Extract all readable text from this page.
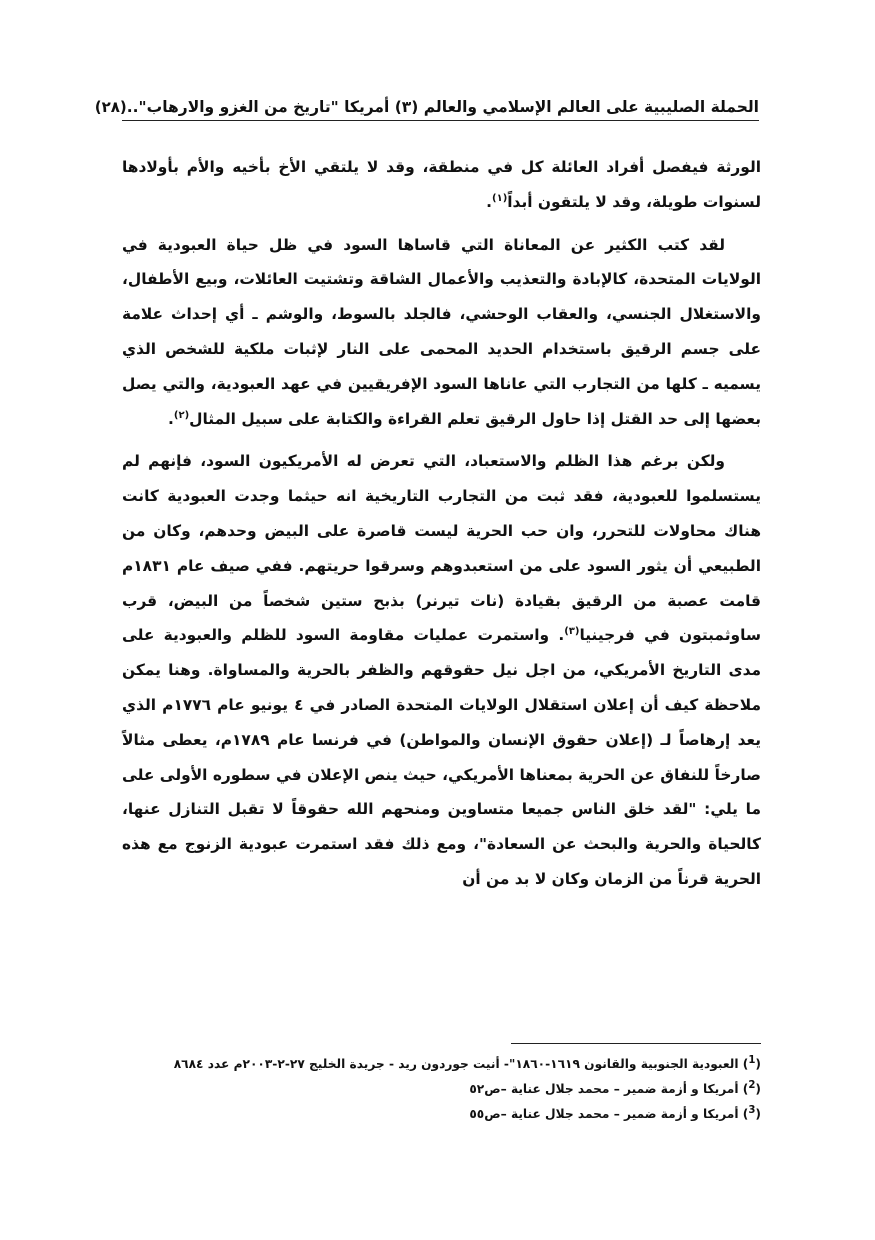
الحملة الصليبية على العالم الإسلامي والعالم (٣) أمريكا "تاريخ من الغزو والارهاب"..
(٢٨)

الورثة فيفصل أفراد العائلة كل في منطقة، وقد لا يلتقي الأخ بأخيه والأم بأولادها لسنوات طويلة، وقد لا يلتقون أبداً$^{(١)}$.

لقد كتب الكثير عن المعاناة التي قاساها السود في ظل حياة العبودية في الولايات المتحدة، كالإبادة والتعذيب والأعمال الشاقة وتشتيت العائلات، وبيع الأطفال، والاستغلال الجنسي، والعقاب الوحشي، فالجلد بالسوط، والوشم ـ أي إحداث علامة على جسم الرقيق باستخدام الحديد المحمى على النار لإثبات ملكية للشخص الذي يسميه ـ كلها من التجارب التي عاناها السود الإفريقيين في عهد العبودية، والتي يصل بعضها إلى حد القتل إذا حاول الرقيق تعلم القراءة والكتابة على سبيل المثال$^{(٢)}$.

ولكن برغم هذا الظلم والاستعباد، التي تعرض له الأمريكيون السود، فإنهم لم يستسلموا للعبودية، فقد ثبت من التجارب التاريخية انه حيثما وجدت العبودية كانت هناك محاولات للتحرر، وان حب الحرية ليست قاصرة على البيض وحدهم، وكان من الطبيعي أن يثور السود على من استعبدوهم وسرقوا حريتهم. ففي صيف عام ١٨٣١م قامت عصبة من الرقيق بقيادة (نات تيرنر) بذبح ستين شخصاً من البيض، قرب ساوثمبتون في فرجينيا$^{(٣)}$. واستمرت عمليات مقاومة السود للظلم والعبودية على مدى التاريخ الأمريكي، من اجل نيل حقوقهم والظفر بالحرية والمساواة. وهنا يمكن ملاحظة كيف أن إعلان استقلال الولايات المتحدة الصادر في ٤ يونيو عام ١٧٧٦م الذي يعد إرهاصاً لـ (إعلان حقوق الإنسان والمواطن) في فرنسا عام ١٧٨٩م، يعطى مثالاً صارخاً للنفاق عن الحرية بمعناها الأمريكي، حيث ينص الإعلان في سطوره الأولى على ما يلي: "لقد خلق الناس جميعا متساوين ومنحهم الله حقوقاً لا تقبل التنازل عنها، كالحياة والحرية والبحث عن السعادة"، ومع ذلك فقد استمرت عبودية الزنوج مع هذه الحرية قرناً من الزمان وكان لا بد من أن

($^1$) العبودية الجنوبية والقانون ١٦١٩-١٨٦٠"- أنيت جوردون ريد - جريدة الخليج ٢٧-٢-٢٠٠٣م عدد ٨٦٨٤
($^2$) أمريكا و أزمة ضمير – محمد جلال عناية –ص٥٢
($^3$) أمريكا و أزمة ضمير – محمد جلال عناية –ص٥٥
